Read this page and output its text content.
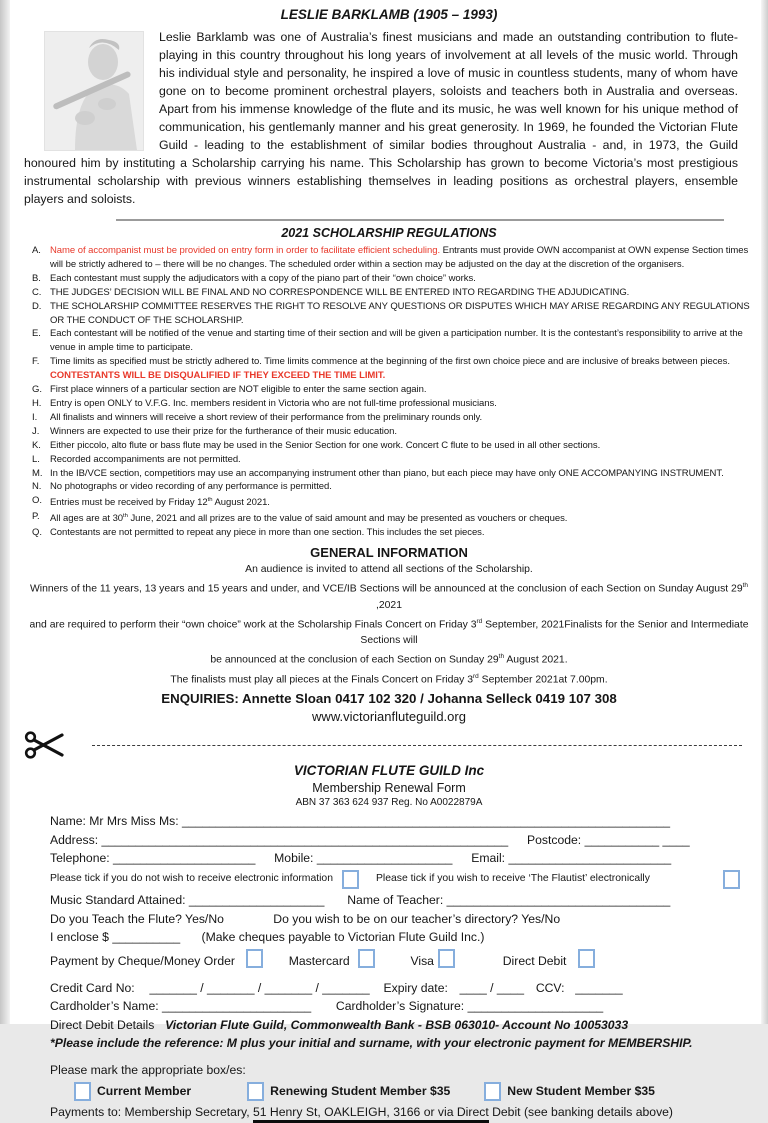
LESLIE BARKLAMB (1905 – 1993)
Leslie Barklamb was one of Australia’s finest musicians and made an outstanding contribution to flute-playing in this country throughout his long years of involvement at all levels of the music world. Through his individual style and personality, he inspired a love of music in countless students, many of whom have gone on to become prominent orchestral players, soloists and teachers both in Australia and overseas. Apart from his immense knowledge of the flute and its music, he was well known for his unique method of communication, his gentlemanly manner and his great generosity. In 1969, he founded the Victorian Flute Guild - leading to the establishment of similar bodies throughout Australia - and, in 1973, the Guild honoured him by instituting a Scholarship carrying his name. This Scholarship has grown to become Victoria’s most prestigious instrumental scholarship with previous winners establishing themselves in leading positions as orchestral players, ensemble players and soloists.
2021 SCHOLARSHIP REGULATIONS
A. Name of accompanist must be provided on entry form in order to facilitate efficient scheduling. Entrants must provide OWN accompanist at OWN expense Section times will be strictly adhered to – there will be no changes. The scheduled order within a section may be adjusted on the day at the discretion of the organisers.
B. Each contestant must supply the adjudicators with a copy of the piano part of their “own choice” works.
C. THE JUDGES’ DECISION WILL BE FINAL AND NO CORRESPONDENCE WILL BE ENTERED INTO REGARDING THE ADJUDICATING.
D. THE SCHOLARSHIP COMMITTEE RESERVES THE RIGHT TO RESOLVE ANY QUESTIONS OR DISPUTES WHICH MAY ARISE REGARDING ANY REGULATIONS OR THE CONDUCT OF THE SCHOLARSHIP.
E. Each contestant will be notified of the venue and starting time of their section and will be given a participation number. It is the contestant’s responsibility to arrive at the venue in ample time to participate.
F.	Time limits as specified must be strictly adhered to. Time limits commence at the beginning of the first own choice piece and are inclusive of breaks between pieces.
CONTESTANTS WILL BE DISQUALIFIED IF THEY EXCEED THE TIME LIMIT.
G. First place winners of a particular section are NOT eligible to enter the same section again.
H. Entry is open ONLY to V.F.G. Inc. members resident in Victoria who are not full-time professional musicians.
I.	All finalists and winners will receive a short review of their performance from the preliminary rounds only.
J.	Winners are expected to use their prize for the furtherance of their music education.
K. Either piccolo, alto flute or bass flute may be used in the Senior Section for one work. Concert C flute to be used in all other sections.
L.	Recorded accompaniments are not permitted.
M. In the IB/VCE section, competitiors may use an accompanying instrument other than piano, but each piece may have only ONE ACCOMPANYING INSTRUMENT.
N. No photographs or video recording of any performance is permitted.
O. Entries must be received by Friday 12th August 2021.
P.	All ages are at 30th June, 2021 and all prizes are to the value of said amount and may be presented as vouchers or cheques.
Q. Contestants are not permitted to repeat any piece in more than one section. This includes the set pieces.
GENERAL INFORMATION
An audience is invited to attend all sections of the Scholarship.
Winners of the 11 years, 13 years and 15 years and under, and VCE/IB Sections will be announced at the conclusion of each Section on Sunday August 29th ,2021
and are required to perform their “own choice” work at the Scholarship Finals Concert on Friday 3rd September, 2021Finalists for the Senior and Intermediate Sections will
be announced at the conclusion of each Section on Sunday 29th August 2021.
The finalists must play all pieces at the Finals Concert on Friday 3rd September 2021at 7.00pm.
ENQUIRIES: Annette Sloan 0417 102 320 / Johanna Selleck 0419 107 308
www.victorianfluteguild.org
VICTORIAN FLUTE GUILD Inc
Membership Renewal Form
ABN 37 363 624 937 Reg. No A0022879A
Name: Mr Mrs Miss Ms: ________________________________________________________________________
Address: ____________________________________________________________ Postcode: ___________ ____
Telephone: _____________________ Mobile: ____________________ Email: ________________________
Please tick if you do not wish to receive electronic information	Please tick if you wish to receive ‘The Flautist’ electronically
Music Standard Attained: ____________________ Name of Teacher: _________________________________
Do you Teach the Flute? Yes/No	Do you wish to be on our teacher’s directory? Yes/No
I enclose $ __________ (Make cheques payable to Victorian Flute Guild Inc.)
Payment by Cheque/Money Order	Mastercard	Visa	Direct Debit
Credit Card No: _______ / _______ / _______ / _______ Expiry date: ____ / ____ CCV: _______
Cardholder’s Name: ______________________ Cardholder’s Signature: ____________________
Direct Debit Details Victorian Flute Guild, Commonwealth Bank - BSB 063010- Account No 10053033
*Please include the reference: M plus your initial and surname, with your electronic payment for MEMBERSHIP.
Please mark the appropriate box/es:
Current Member	Renewing Student Member $35	New Student Member $35
Payments to: Membership Secretary, 51 Henry St, OAKLEIGH, 3166 or via Direct Debit (see banking details above)
